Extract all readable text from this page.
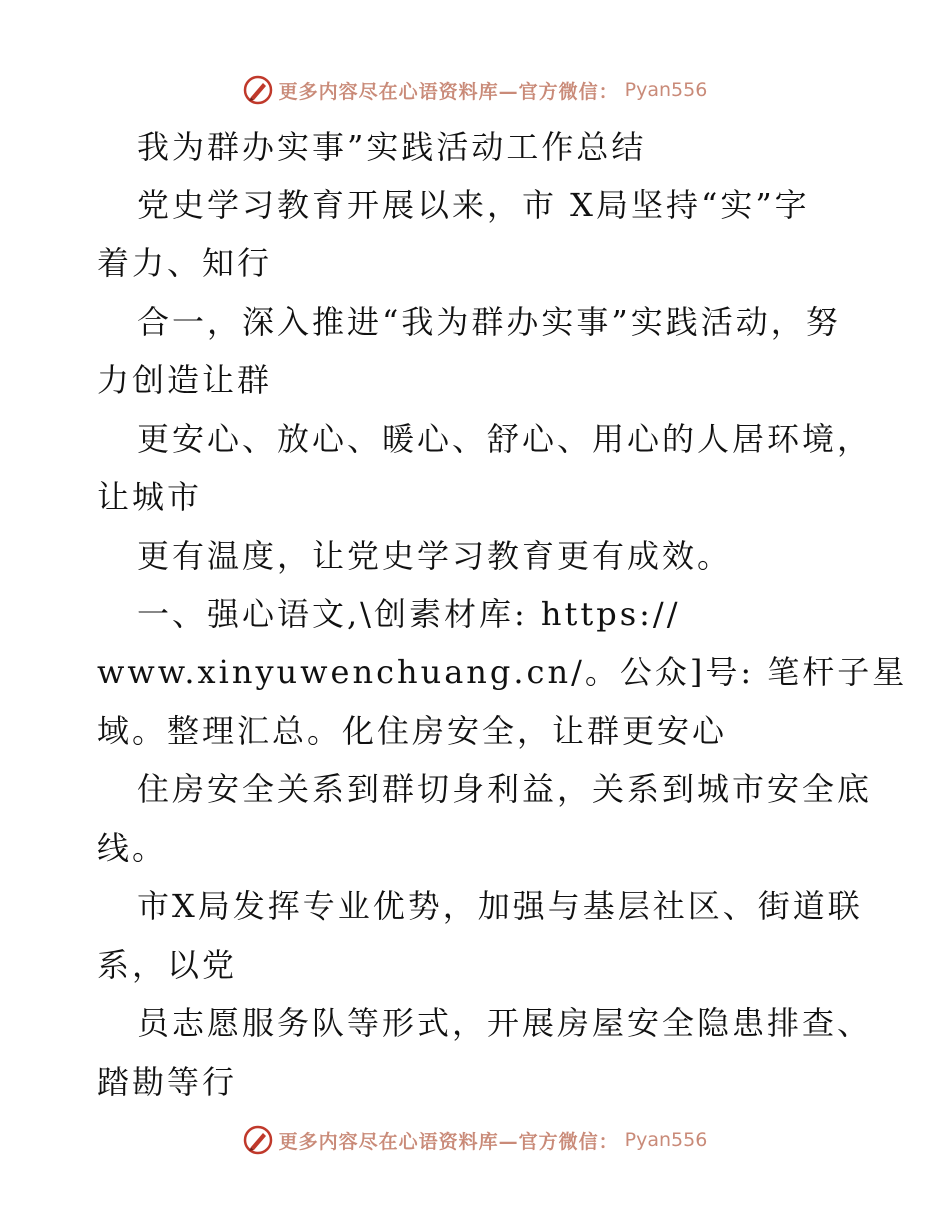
更多内容尽在心语资料库—官方微信： Pyan556
我为群办实事”实践活动工作总结
党史学习教育开展以来，市 X局坚持“实”字
着力、知行
合一，深入推进“我为群办实事”实践活动，努
力创造让群
更安心、放心、暖心、舒心、用心的人居环境，
让城市
更有温度，让党史学习教育更有成效。
一、强心语文,\创素材库: https://
www.xinyuwenchuang.cn/。公众]号: 笔杆子星
域。整理汇总。化住房安全，让群更安心
住房安全关系到群切身利益，关系到城市安全底
线。
市X局发挥专业优势，加强与基层社区、街道联
系，以党
员志愿服务队等形式，开展房屋安全隐患排查、
踏勘等行
更多内容尽在心语资料库—官方微信： Pyan556
